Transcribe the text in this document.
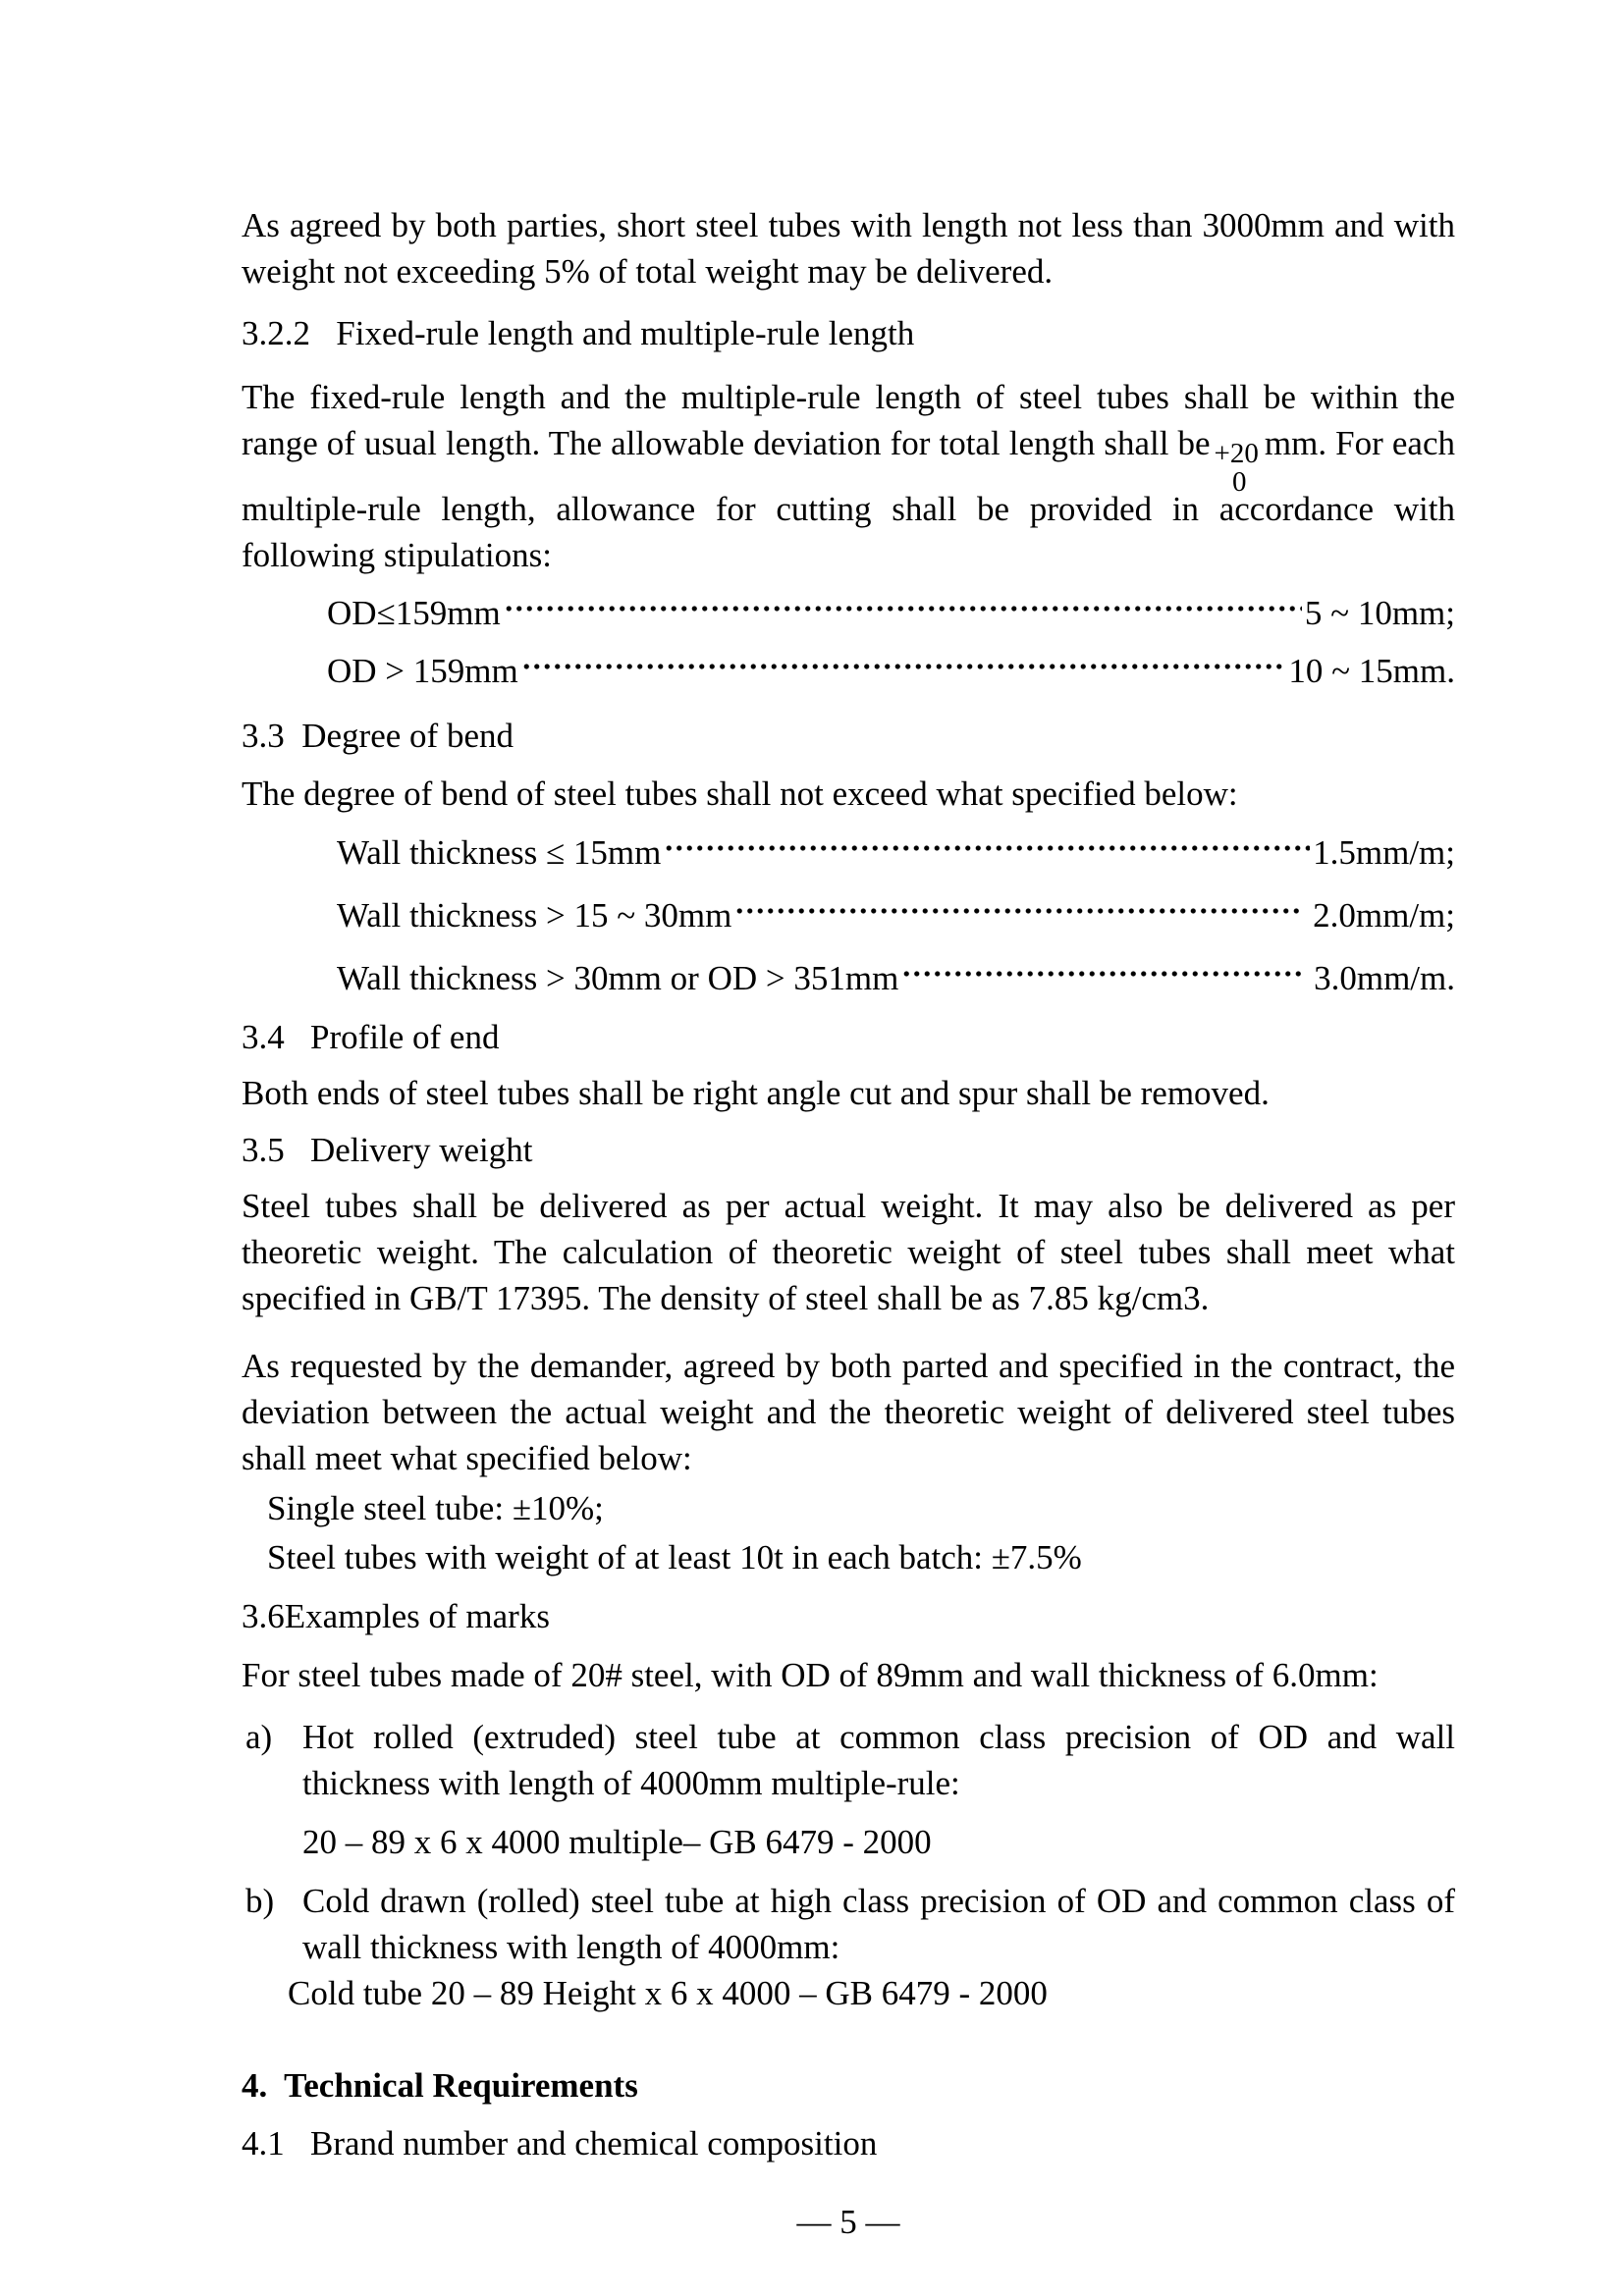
As agreed by both parties, short steel tubes with length not less than 3000mm and with weight not exceeding 5% of total weight may be delivered.

3.2.2   Fixed-rule length and multiple-rule length

The fixed-rule length and the multiple-rule length of steel tubes shall be within the range of usual length. The allowable deviation for total length shall be +20
0
mm. For each multiple-rule length, allowance for cutting shall be provided in accordance with following stipulations:

OD≤159mm	5 ~ 10mm;
OD > 159mm	10 ~ 15mm.
3.3  Degree of bend

The degree of bend of steel tubes shall not exceed what specified below:

Wall thickness ≤ 15mm	1.5mm/m;
Wall thickness > 15 ~ 30mm	2.0mm/m;
Wall thickness > 30mm or OD > 351mm	3.0mm/m.
3.4   Profile of end

Both ends of steel tubes shall be right angle cut and spur shall be removed.

3.5   Delivery weight

Steel tubes shall be delivered as per actual weight. It may also be delivered as per theoretic weight. The calculation of theoretic weight of steel tubes shall meet what specified in GB/T 17395. The density of steel shall be as 7.85 kg/cm3.

As requested by the demander, agreed by both parted and specified in the contract, the deviation between the actual weight and the theoretic weight of delivered steel tubes shall meet what specified below:

Single steel tube: ±10%;

Steel tubes with weight of at least 10t in each batch: ±7.5%

3.6Examples of marks

For steel tubes made of 20# steel, with OD of 89mm and wall thickness of 6.0mm:

a) Hot rolled (extruded) steel tube at common class precision of OD and wall thickness with length of 4000mm multiple-rule:

20 – 89 x 6 x 4000 multiple– GB 6479 - 2000

b) Cold drawn (rolled) steel tube at high class precision of OD and common class of wall thickness with length of 4000mm:

Cold tube 20 – 89 Height x 6 x 4000 – GB 6479 - 2000

4.  Technical Requirements
4.1   Brand number and chemical composition

— 5 —
